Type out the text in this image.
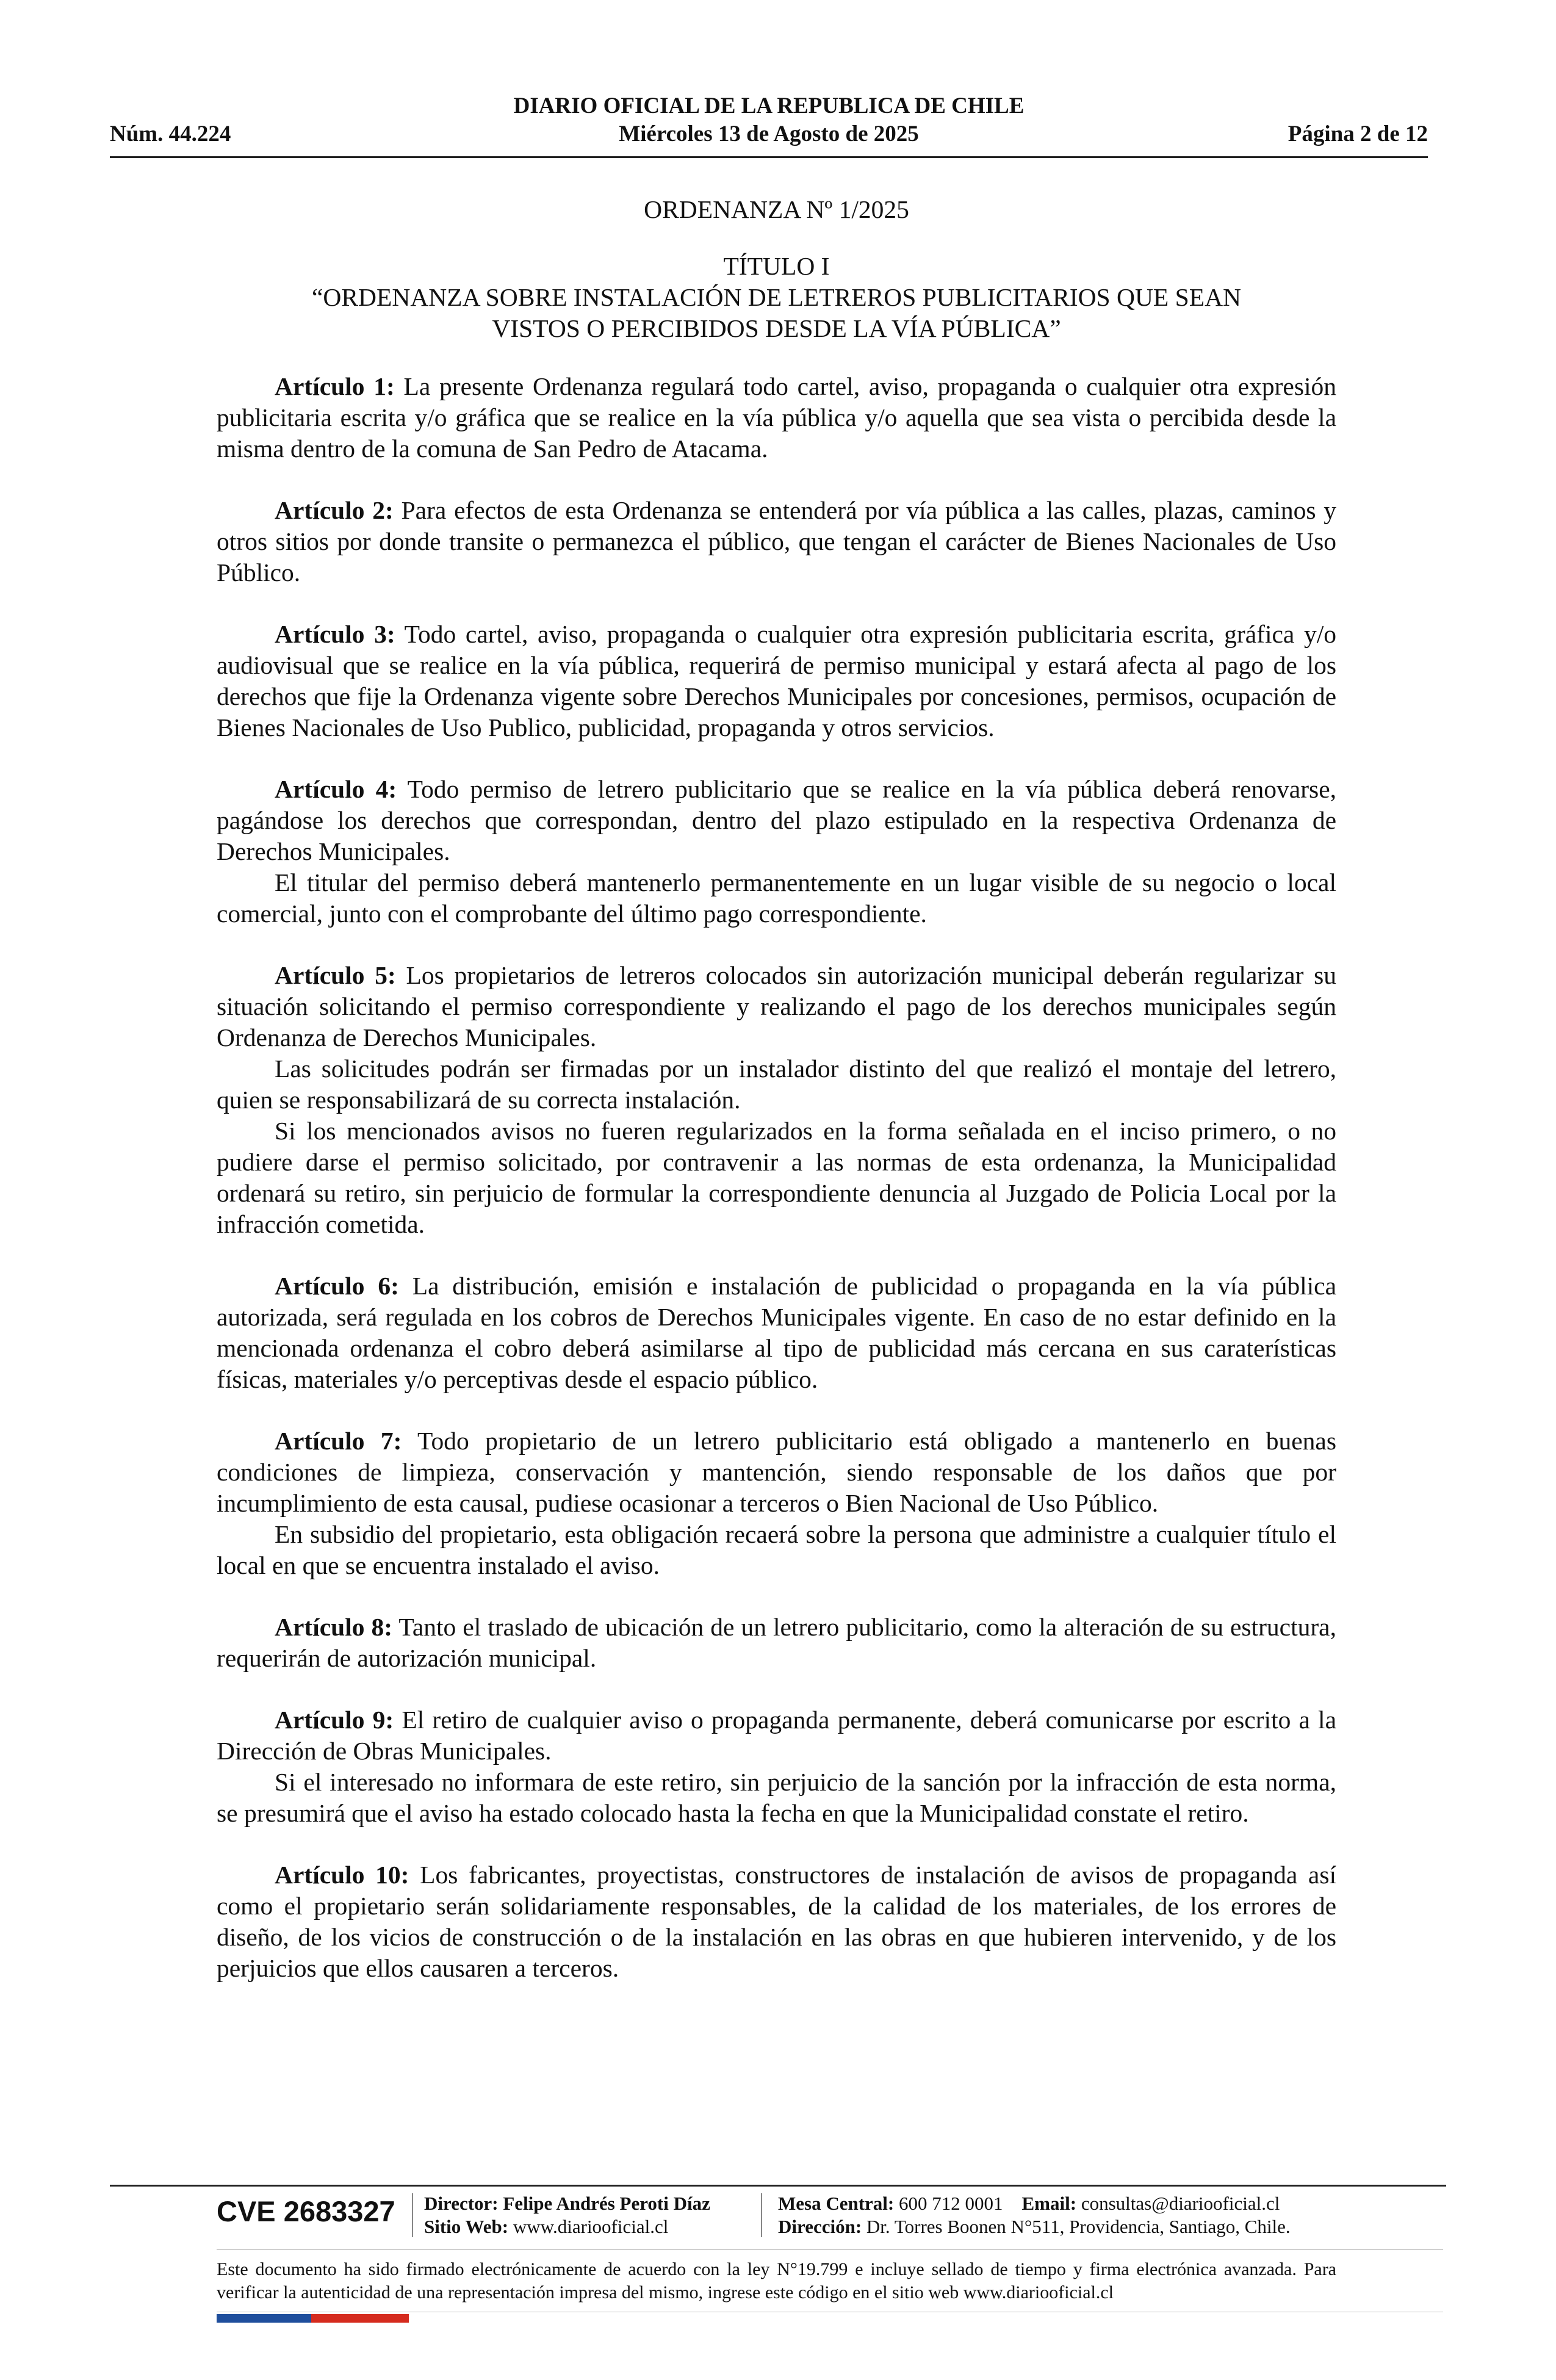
DIARIO OFICIAL DE LA REPUBLICA DE CHILE
Núm. 44.224	Miércoles 13 de Agosto de 2025	Página 2 de 12

ORDENANZA Nº 1/2025

TÍTULO I

“ORDENANZA SOBRE INSTALACIÓN DE LETREROS PUBLICITARIOS QUE SEAN

VISTOS O PERCIBIDOS DESDE LA VÍA PÚBLICA”

Artículo 1: La presente Ordenanza regulará todo cartel, aviso, propaganda o cualquier otra expresión publicitaria escrita y/o gráfica que se realice en la vía pública y/o aquella que sea vista o percibida desde la misma dentro de la comuna de San Pedro de Atacama.

Artículo 2: Para efectos de esta Ordenanza se entenderá por vía pública a las calles, plazas, caminos y otros sitios por donde transite o permanezca el público, que tengan el carácter de Bienes Nacionales de Uso Público.

Artículo 3: Todo cartel, aviso, propaganda o cualquier otra expresión publicitaria escrita, gráfica y/o audiovisual que se realice en la vía pública, requerirá de permiso municipal y estará afecta al pago de los derechos que fije la Ordenanza vigente sobre Derechos Municipales por concesiones, permisos, ocupación de Bienes Nacionales de Uso Publico, publicidad, propaganda y otros servicios.

Artículo 4: Todo permiso de letrero publicitario que se realice en la vía pública deberá renovarse, pagándose los derechos que correspondan, dentro del plazo estipulado en la respectiva Ordenanza de Derechos Municipales.

El titular del permiso deberá mantenerlo permanentemente en un lugar visible de su negocio o local comercial, junto con el comprobante del último pago correspondiente.

Artículo 5: Los propietarios de letreros colocados sin autorización municipal deberán regularizar su situación solicitando el permiso correspondiente y realizando el pago de los derechos municipales según Ordenanza de Derechos Municipales.

Las solicitudes podrán ser firmadas por un instalador distinto del que realizó el montaje del letrero, quien se responsabilizará de su correcta instalación.

Si los mencionados avisos no fueren regularizados en la forma señalada en el inciso primero, o no pudiere darse el permiso solicitado, por contravenir a las normas de esta ordenanza, la Municipalidad ordenará su retiro, sin perjuicio de formular la correspondiente denuncia al Juzgado de Policia Local por la infracción cometida.

Artículo 6: La distribución, emisión e instalación de publicidad o propaganda en la vía pública autorizada, será regulada en los cobros de Derechos Municipales vigente. En caso de no estar definido en la mencionada ordenanza el cobro deberá asimilarse al tipo de publicidad más cercana en sus caraterísticas físicas, materiales y/o perceptivas desde el espacio público.

Artículo 7: Todo propietario de un letrero publicitario está obligado a mantenerlo en buenas condiciones de limpieza, conservación y mantención, siendo responsable de los daños que por incumplimiento de esta causal, pudiese ocasionar a terceros o Bien Nacional de Uso Público.

En subsidio del propietario, esta obligación recaerá sobre la persona que administre a cualquier título el local en que se encuentra instalado el aviso.

Artículo 8: Tanto el traslado de ubicación de un letrero publicitario, como la alteración de su estructura, requerirán de autorización municipal.

Artículo 9: El retiro de cualquier aviso o propaganda permanente, deberá comunicarse por escrito a la Dirección de Obras Municipales.

Si el interesado no informara de este retiro, sin perjuicio de la sanción por la infracción de esta norma, se presumirá que el aviso ha estado colocado hasta la fecha en que la Municipalidad constate el retiro.

Artículo 10: Los fabricantes, proyectistas, constructores de instalación de avisos de propaganda así como el propietario serán solidariamente responsables, de la calidad de los materiales, de los errores de diseño, de los vicios de construcción o de la instalación en las obras en que hubieren intervenido, y de los perjuicios que ellos causaren a terceros.

CVE 2683327 Director: Felipe Andrés Peroti Díaz
Sitio Web: www.diariooficial.cl
Mesa Central: 600 712 0001 Email: consultas@diariooficial.cl
Dirección: Dr. Torres Boonen N°511, Providencia, Santiago, Chile.
Este documento ha sido firmado electrónicamente de acuerdo con la ley N°19.799 e incluye sellado de tiempo y firma electrónica avanzada. Para verificar la autenticidad de una representación impresa del mismo, ingrese este código en el sitio web www.diariooficial.cl
